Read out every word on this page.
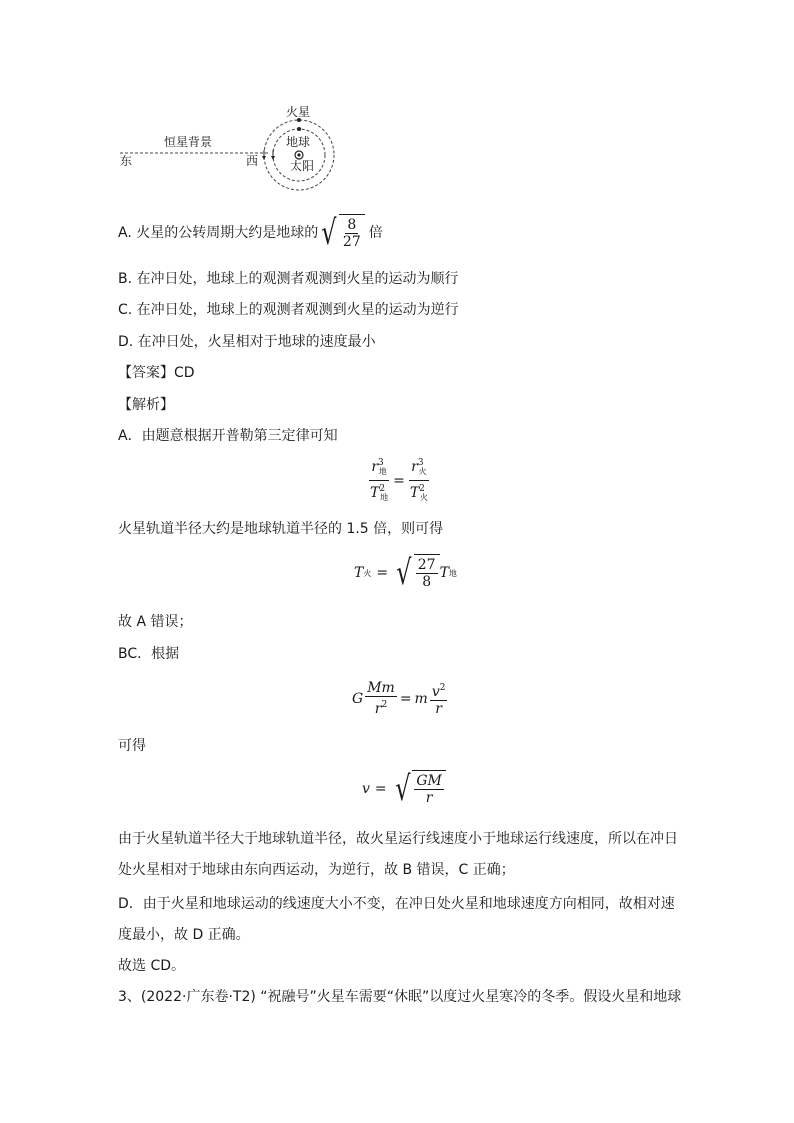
火星
地球
太阳
恒星背景
东	西
A. 火星的公转周期大约是地球的 √ $\frac{8}{27}$ 倍
B. 在冲日处，地球上的观测者观测到火星的运动为顺行
C. 在冲日处，地球上的观测者观测到火星的运动为逆行
D. 在冲日处，火星相对于地球的速度最小
【答案】CD
【解析】
A．由题意根据开普勒第三定律可知
$\frac{r^3_地}{T^2_地} = \frac{r^3_火}{T^2_火}$
火星轨道半径大约是地球轨道半径的 1.5 倍，则可得
T 火 = √ $\frac{27}{8}$ T 地
故 A 错误；
BC．根据
G $\frac{Mm}{r^2} = m \frac{v^2}{r}$
可得
v = √ $\frac{GM}{r}$
由于火星轨道半径大于地球轨道半径，故火星运行线速度小于地球运行线速度，所以在冲日
处火星相对于地球由东向西运动，为逆行，故 B 错误，C 正确；
D．由于火星和地球运动的线速度大小不变，在冲日处火星和地球速度方向相同，故相对速
度最小，故 D 正确。
故选 CD。
3、(2022·广东卷·T2) “祝融号”火星车需要“休眠”以度过火星寒冷的冬季。假设火星和地球
